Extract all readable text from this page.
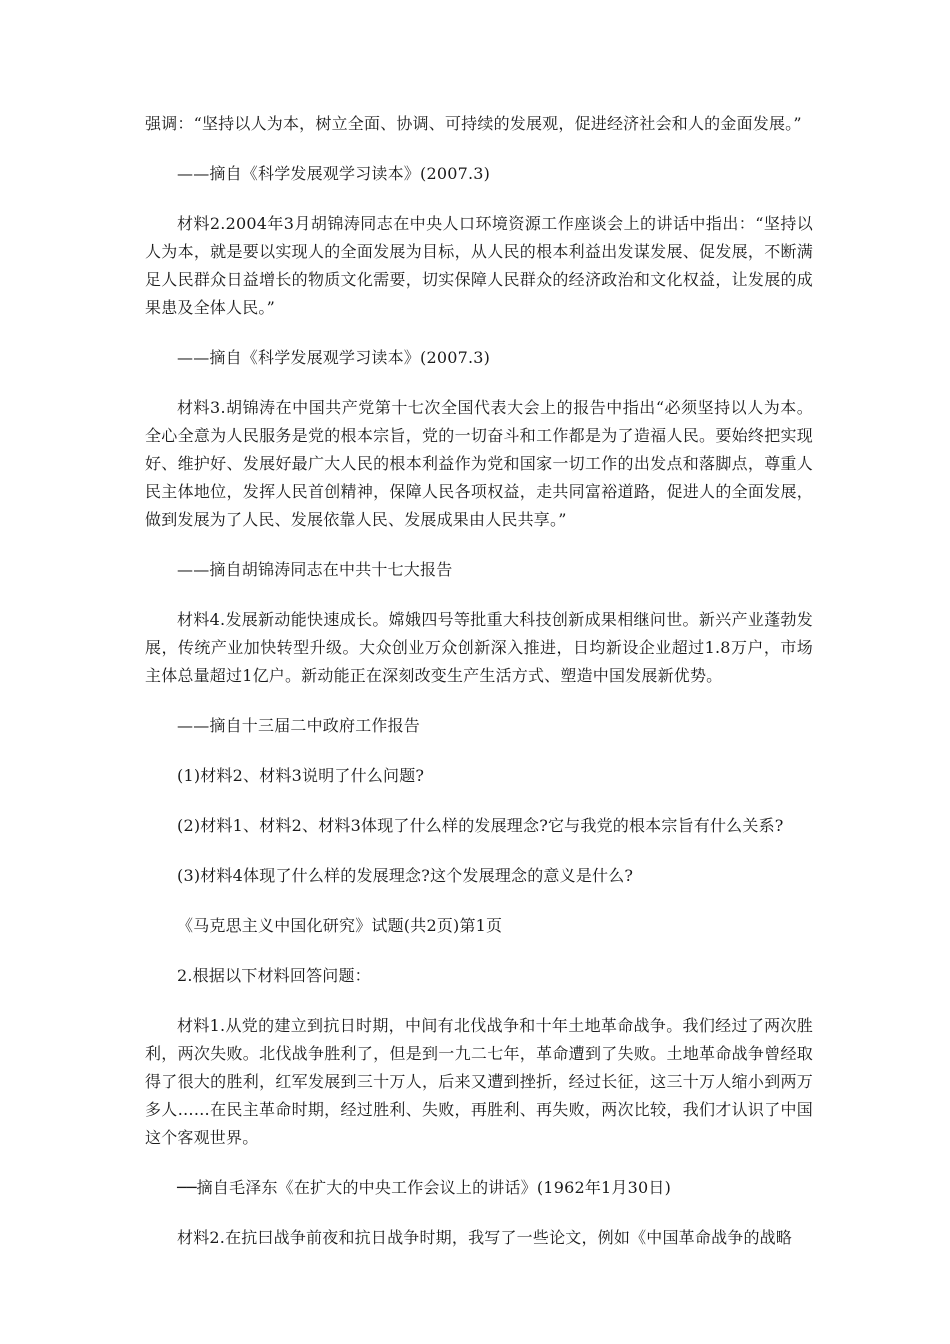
强调：“坚持以人为本，树立全面、协调、可持续的发展观，促进经济社会和人的金面发展。”

——摘自《科学发展观学习读本》(2007.3)

材料2.2004年3月胡锦涛同志在中央人口环境资源工作座谈会上的讲话中指出：“坚持以人为本，就是要以实现人的全面发展为目标，从人民的根本利益出发谋发展、促发展，不断满足人民群众日益增长的物质文化需要，切实保障人民群众的经济政治和文化权益，让发展的成果患及全体人民。”

——摘自《科学发展观学习读本》(2007.3)

材料3.胡锦涛在中国共产党第十七次全国代表大会上的报告中指出“必须坚持以人为本。全心全意为人民服务是党的根本宗旨，党的一切奋斗和工作都是为了造福人民。要始终把实现好、维护好、发展好最广大人民的根本利益作为党和国家一切工作的出发点和落脚点，尊重人民主体地位，发挥人民首创精神，保障人民各项权益，走共同富裕道路，促进人的全面发展，做到发展为了人民、发展依靠人民、发展成果由人民共享。”

——摘自胡锦涛同志在中共十七大报告

材料4.发展新动能快速成长。嫦娥四号等批重大科技创新成果相继问世。新兴产业蓬勃发展，传统产业加快转型升级。大众创业万众创新深入推进，日均新设企业超过1.8万户，市场主体总量超过1亿户。新动能正在深刻改变生产生活方式、塑造中国发展新优势。

——摘自十三届二中政府工作报告

(1)材料2、材料3说明了什么问题?

(2)材料1、材料2、材料3体现了什么样的发展理念?它与我党的根本宗旨有什么关系?

(3)材料4体现了什么样的发展理念?这个发展理念的意义是什么?

《马克思主义中国化研究》试题(共2页)第1页

2.根据以下材料回答问题：

材料1.从党的建立到抗日时期，中间有北伐战争和十年土地革命战争。我们经过了两次胜利，两次失败。北伐战争胜利了，但是到一九二七年，革命遭到了失败。土地革命战争曾经取得了很大的胜利，红军发展到三十万人，后来又遭到挫折，经过长征，这三十万人缩小到两万多人……在民主革命时期，经过胜利、失败，再胜利、再失败，两次比较，我们才认识了中国这个客观世界。

──摘自毛泽东《在扩大的中央工作会议上的讲话》(1962年1月30日)

材料2.在抗曰战争前夜和抗日战争时期，我写了一些论文，例如《中国革命战争的战略
